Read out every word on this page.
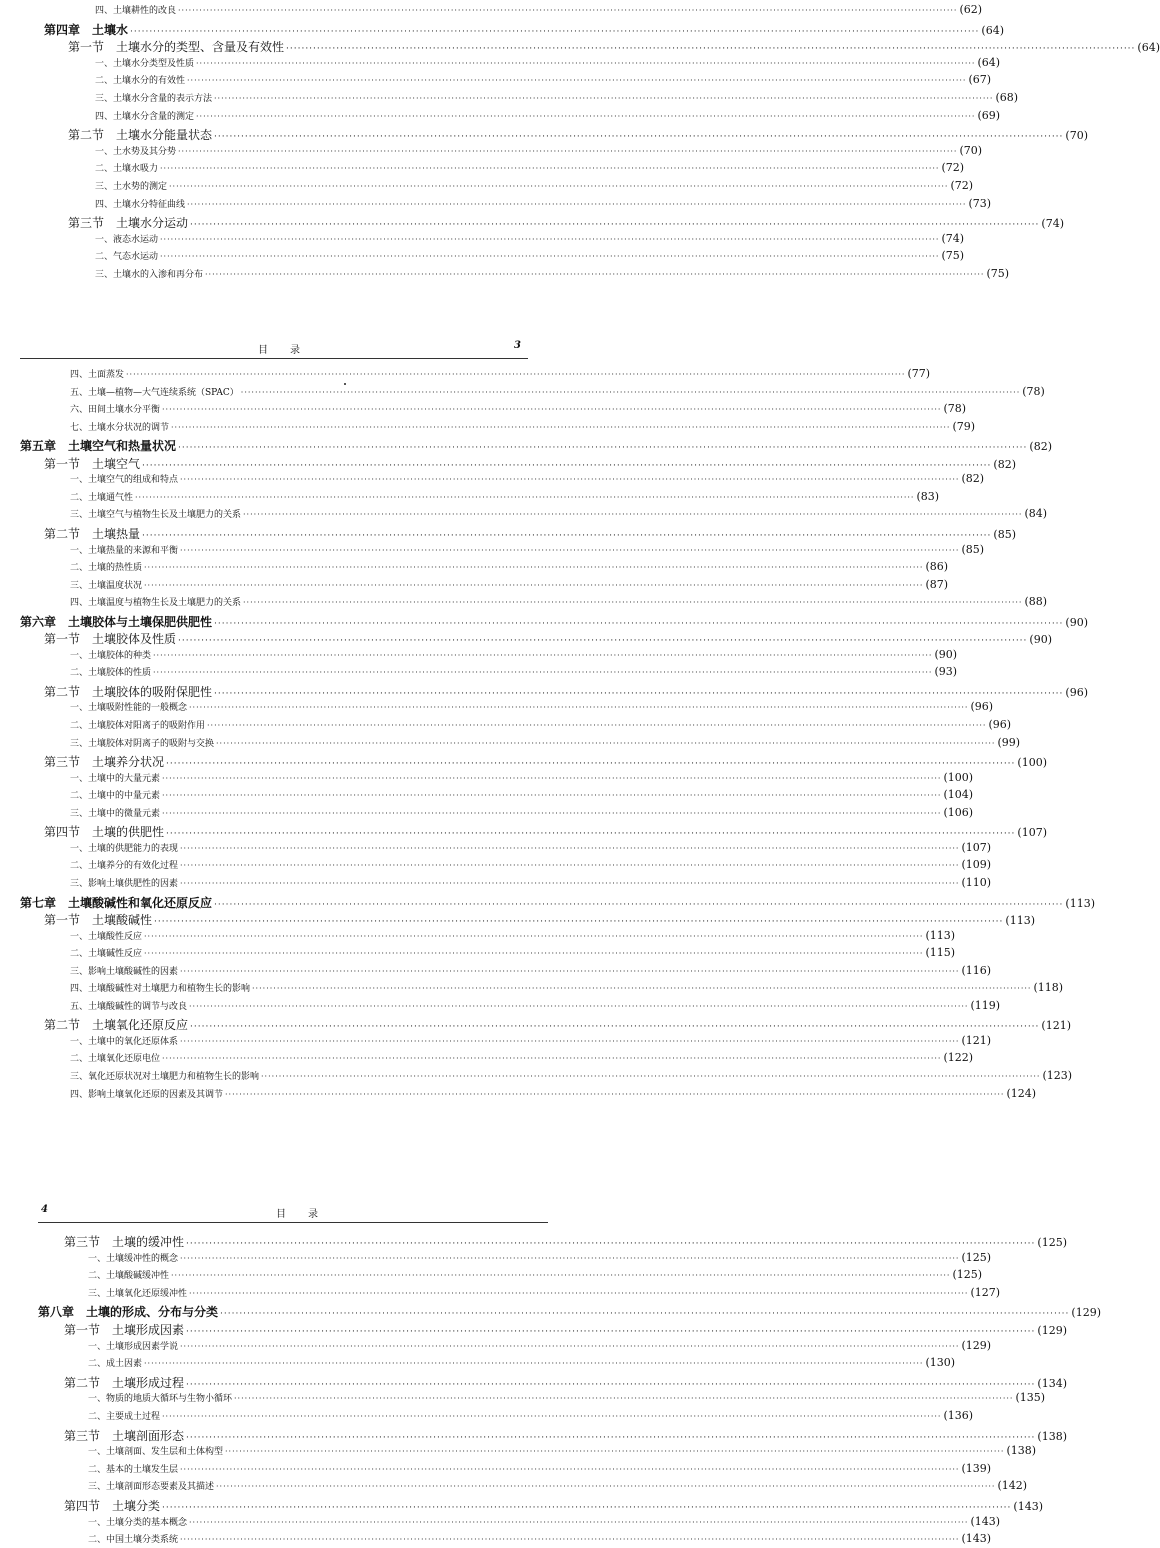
四、土壤耕性的改良 ···························································································································································································································· (62)
第四章　土壤水 ···························································································································································································································· (64)
第一节　土壤水分的类型、含量及有效性 ···························································································································································································································· (64)
一、土壤水分类型及性质 ···························································································································································································································· (64)
二、土壤水分的有效性 ···························································································································································································································· (67)
三、土壤水分含量的表示方法 ···························································································································································································································· (68)
四、土壤水分含量的测定 ···························································································································································································································· (69)
第二节　土壤水分能量状态 ···························································································································································································································· (70)
一、土水势及其分势 ···························································································································································································································· (70)
二、土壤水吸力 ···························································································································································································································· (72)
三、土水势的测定 ···························································································································································································································· (72)
四、土壤水分特征曲线 ···························································································································································································································· (73)
第三节　土壤水分运动 ···························································································································································································································· (74)
一、液态水运动 ···························································································································································································································· (74)
二、气态水运动 ···························································································································································································································· (75)
三、土壤水的入渗和再分布 ···························································································································································································································· (75)
目　录	3
四、土面蒸发 ···························································································································································································································· (77)
五、土壤—植物—大气连续系统（SPAC） ···························································································································································································································· (78)
六、田间土壤水分平衡 ···························································································································································································································· (78)
七、土壤水分状况的调节 ···························································································································································································································· (79)
第五章　土壤空气和热量状况 ···························································································································································································································· (82)
第一节　土壤空气 ···························································································································································································································· (82)
一、土壤空气的组成和特点 ···························································································································································································································· (82)
二、土壤通气性 ···························································································································································································································· (83)
三、土壤空气与植物生长及土壤肥力的关系 ···························································································································································································································· (84)
第二节　土壤热量 ···························································································································································································································· (85)
一、土壤热量的来源和平衡 ···························································································································································································································· (85)
二、土壤的热性质 ···························································································································································································································· (86)
三、土壤温度状况 ···························································································································································································································· (87)
四、土壤温度与植物生长及土壤肥力的关系 ···························································································································································································································· (88)
第六章　土壤胶体与土壤保肥供肥性 ···························································································································································································································· (90)
第一节　土壤胶体及性质 ···························································································································································································································· (90)
一、土壤胶体的种类 ···························································································································································································································· (90)
二、土壤胶体的性质 ···························································································································································································································· (93)
第二节　土壤胶体的吸附保肥性 ···························································································································································································································· (96)
一、土壤吸附性能的一般概念 ···························································································································································································································· (96)
二、土壤胶体对阳离子的吸附作用 ···························································································································································································································· (96)
三、土壤胶体对阴离子的吸附与交换 ···························································································································································································································· (99)
第三节　土壤养分状况 ···························································································································································································································· (100)
一、土壤中的大量元素 ···························································································································································································································· (100)
二、土壤中的中量元素 ···························································································································································································································· (104)
三、土壤中的微量元素 ···························································································································································································································· (106)
第四节　土壤的供肥性 ···························································································································································································································· (107)
一、土壤的供肥能力的表现 ···························································································································································································································· (107)
二、土壤养分的有效化过程 ···························································································································································································································· (109)
三、影响土壤供肥性的因素 ···························································································································································································································· (110)
第七章　土壤酸碱性和氧化还原反应 ···························································································································································································································· (113)
第一节　土壤酸碱性 ···························································································································································································································· (113)
一、土壤酸性反应 ···························································································································································································································· (113)
二、土壤碱性反应 ···························································································································································································································· (115)
三、影响土壤酸碱性的因素 ···························································································································································································································· (116)
四、土壤酸碱性对土壤肥力和植物生长的影响 ···························································································································································································································· (118)
五、土壤酸碱性的调节与改良 ···························································································································································································································· (119)
第二节　土壤氧化还原反应 ···························································································································································································································· (121)
一、土壤中的氧化还原体系 ···························································································································································································································· (121)
二、土壤氧化还原电位 ···························································································································································································································· (122)
三、氧化还原状况对土壤肥力和植物生长的影响 ···························································································································································································································· (123)
四、影响土壤氧化还原的因素及其调节 ···························································································································································································································· (124)
目　录
4
第三节　土壤的缓冲性 ···························································································································································································································· (125)
一、土壤缓冲性的概念 ···························································································································································································································· (125)
二、土壤酸碱缓冲性 ···························································································································································································································· (125)
三、土壤氧化还原缓冲性 ···························································································································································································································· (127)
第八章　土壤的形成、分布与分类 ···························································································································································································································· (129)
第一节　土壤形成因素 ···························································································································································································································· (129)
一、土壤形成因素学说 ···························································································································································································································· (129)
二、成土因素 ···························································································································································································································· (130)
第二节　土壤形成过程 ···························································································································································································································· (134)
一、物质的地质大循环与生物小循环 ···························································································································································································································· (135)
二、主要成土过程 ···························································································································································································································· (136)
第三节　土壤剖面形态 ···························································································································································································································· (138)
一、土壤剖面、发生层和土体构型 ···························································································································································································································· (138)
二、基本的土壤发生层 ···························································································································································································································· (139)
三、土壤剖面形态要素及其描述 ···························································································································································································································· (142)
第四节　土壤分类 ···························································································································································································································· (143)
一、土壤分类的基本概念 ···························································································································································································································· (143)
二、中国土壤分类系统 ···························································································································································································································· (143)
